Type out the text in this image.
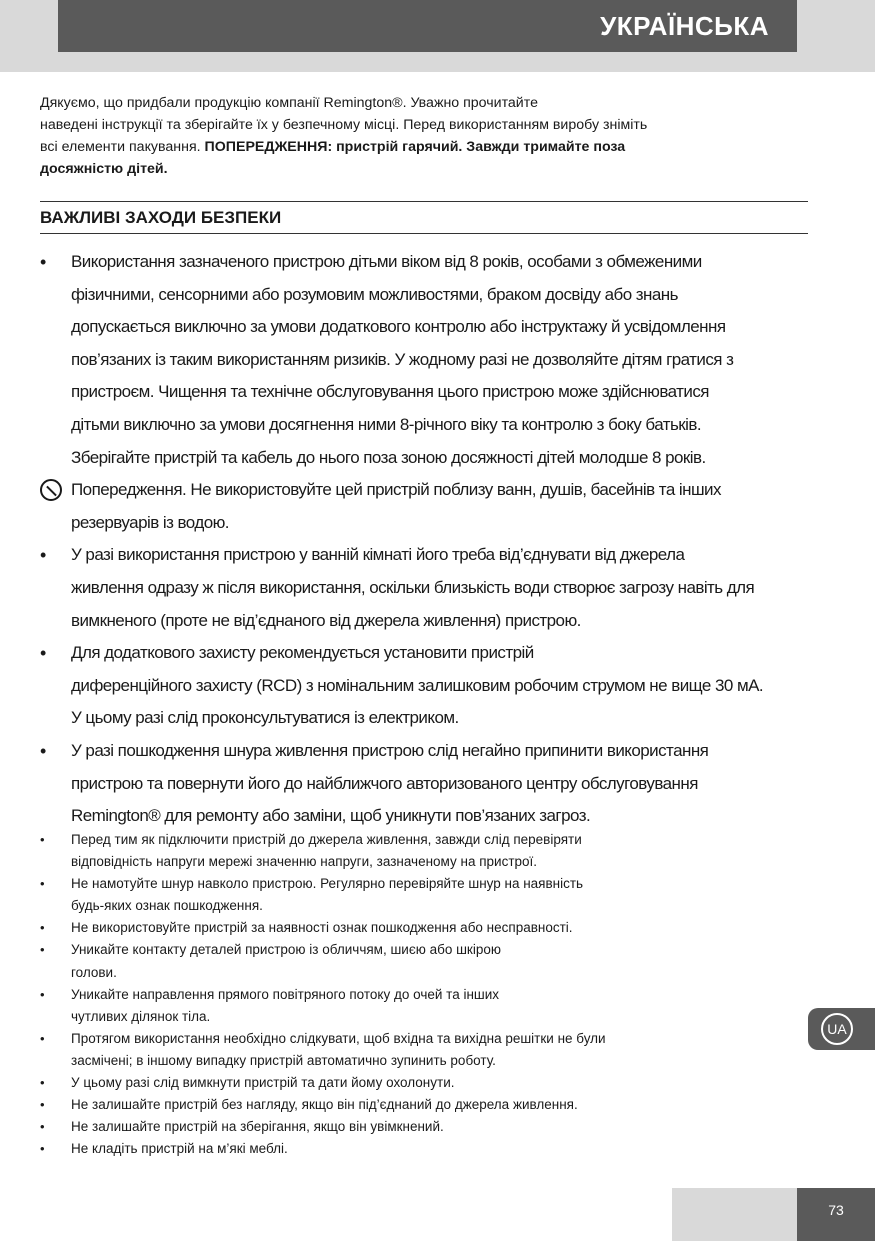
УКРАЇНСЬКА
Дякуємо, що придбали продукцію компанії Remington®. Уважно прочитайте
наведені інструкції та зберігайте їх у безпечному місці. Перед використанням виробу зніміть
всі елементи пакування. ПОПЕРЕДЖЕННЯ: пристрій гарячий. Завжди тримайте поза
досяжністю дітей.
ВАЖЛИВІ ЗАХОДИ БЕЗПЕКИ
•	Використання зазначеного пристрою дітьми віком від 8 років, особами з обмеженими
фізичними, сенсорними або розумовим можливостями, браком досвіду або знань
допускається виключно за умови додаткового контролю або інструктажу й усвідомлення
пов’язаних із таким використанням ризиків. У жодному разі не дозволяйте дітям гратися з
пристроєм. Чищення та технічне обслуговування цього пристрою може здійснюватися
дітьми виключно за умови досягнення ними 8-річного віку та контролю з боку батьків.
Зберігайте пристрій та кабель до нього поза зоною досяжності дітей молодше 8 років.
Попередження. Не використовуйте цей пристрій поблизу ванн, душів, басейнів та інших
резервуарів із водою.
•	У разі використання пристрою у ванній кімнаті його треба від’єднувати від джерела
живлення одразу ж після використання, оскільки близькість води створює загрозу навіть для
вимкненого (проте не від’єднаного від джерела живлення) пристрою.
•	Для додаткового захисту рекомендується установити пристрій
диференційного захисту (RCD) з номінальним залишковим робочим струмом не вище 30 мА.
У цьому разі слід проконсультуватися із електриком.
•	У разі пошкодження шнура живлення пристрою слід негайно припинити використання
пристрою та повернути його до найближчого авторизованого центру обслуговування
Remington® для ремонту або заміни, щоб уникнути пов’язаних загроз.
•	Перед тим як підключити пристрій до джерела живлення, завжди слід перевіряти
відповідність напруги мережі значенню напруги, зазначеному на пристрої.
•	Не намотуйте шнур навколо пристрою. Регулярно перевіряйте шнур на наявність
будь-яких ознак пошкодження.
•	Не використовуйте пристрій за наявності ознак пошкодження або несправності.
•	Уникайте контакту деталей пристрою із обличчям, шиєю або шкірою
голови.
•	Уникайте направлення прямого повітряного потоку до очей та інших
чутливих ділянок тіла.
•	Протягом використання необхідно слідкувати, щоб вхідна та вихідна решітки не були
засмічені; в іншому випадку пристрій автоматично зупинить роботу.
•	У цьому разі слід вимкнути пристрій та дати йому охолонути.
•	Не залишайте пристрій без нагляду, якщо він під’єднаний до джерела живлення.
•	Не залишайте пристрій на зберігання, якщо він увімкнений.
•	Не кладіть пристрій на м’які меблі.
UA
73
